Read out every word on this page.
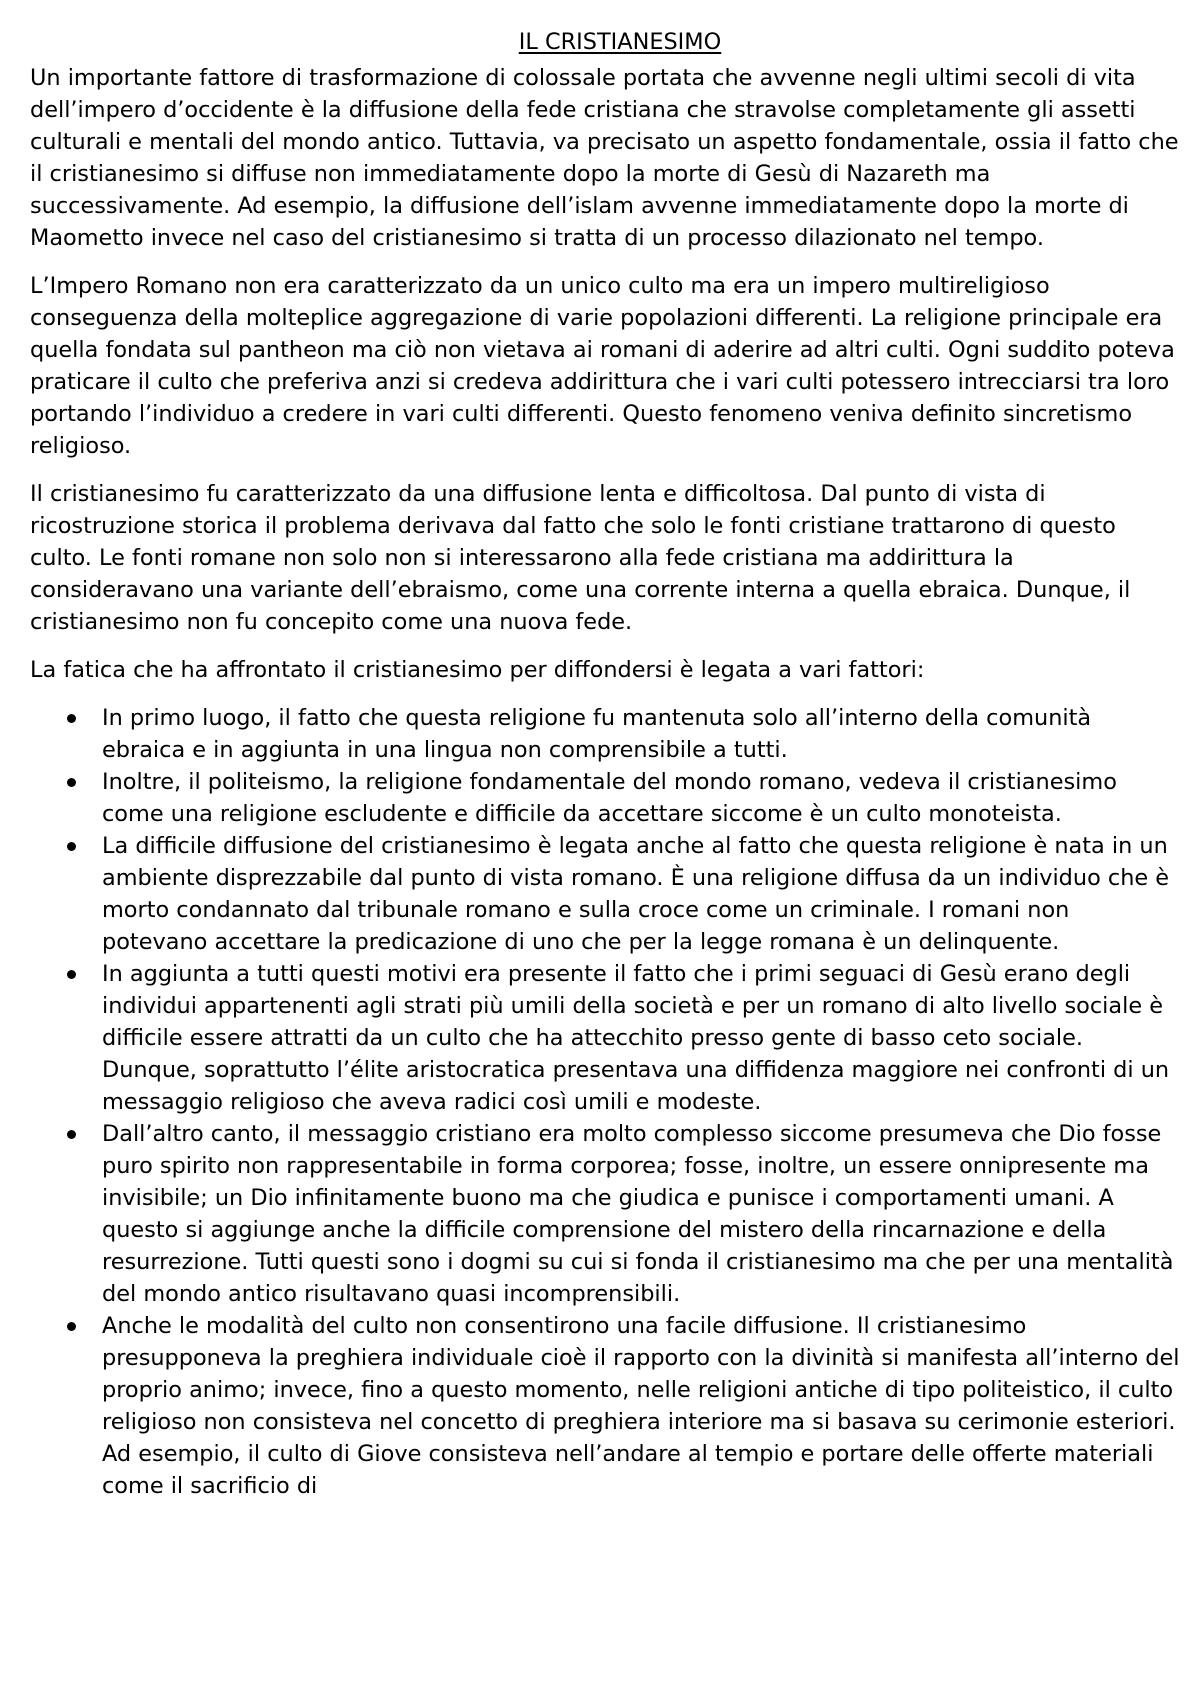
IL CRISTIANESIMO

Un importante fattore di trasformazione di colossale portata che avvenne negli ultimi secoli di vita dell’impero d’occidente è la diffusione della fede cristiana che stravolse completamente gli assetti culturali e mentali del mondo antico. Tuttavia, va precisato un aspetto fondamentale, ossia il fatto che il cristianesimo si diffuse non immediatamente dopo la morte di Gesù di Nazareth ma successivamente. Ad esempio, la diffusione dell’islam avvenne immediatamente dopo la morte di Maometto invece nel caso del cristianesimo si tratta di un processo dilazionato nel tempo.

L’Impero Romano non era caratterizzato da un unico culto ma era un impero multireligioso conseguenza della molteplice aggregazione di varie popolazioni differenti. La religione principale era quella fondata sul pantheon ma ciò non vietava ai romani di aderire ad altri culti. Ogni suddito poteva praticare il culto che preferiva anzi si credeva addirittura che i vari culti potessero intrecciarsi tra loro portando l’individuo a credere in vari culti differenti. Questo fenomeno veniva definito sincretismo religioso.

Il cristianesimo fu caratterizzato da una diffusione lenta e difficoltosa. Dal punto di vista di ricostruzione storica il problema derivava dal fatto che solo le fonti cristiane trattarono di questo culto. Le fonti romane non solo non si interessarono alla fede cristiana ma addirittura la consideravano una variante dell’ebraismo, come una corrente interna a quella ebraica. Dunque, il cristianesimo non fu concepito come una nuova fede.

La fatica che ha affrontato il cristianesimo per diffondersi è legata a vari fattori:

In primo luogo, il fatto che questa religione fu mantenuta solo all’interno della comunità ebraica e in aggiunta in una lingua non comprensibile a tutti.
Inoltre, il politeismo, la religione fondamentale del mondo romano, vedeva il cristianesimo come una religione escludente e difficile da accettare siccome è un culto monoteista.
La difficile diffusione del cristianesimo è legata anche al fatto che questa religione è nata in un ambiente disprezzabile dal punto di vista romano. È una religione diffusa da un individuo che è morto condannato dal tribunale romano e sulla croce come un criminale. I romani non potevano accettare la predicazione di uno che per la legge romana è un delinquente.
In aggiunta a tutti questi motivi era presente il fatto che i primi seguaci di Gesù erano degli individui appartenenti agli strati più umili della società e per un romano di alto livello sociale è difficile essere attratti da un culto che ha attecchito presso gente di basso ceto sociale. Dunque, soprattutto l’élite aristocratica presentava una diffidenza maggiore nei confronti di un messaggio religioso che aveva radici così umili e modeste.
Dall’altro canto, il messaggio cristiano era molto complesso siccome presumeva che Dio fosse puro spirito non rappresentabile in forma corporea; fosse, inoltre, un essere onnipresente ma invisibile; un Dio infinitamente buono ma che giudica e punisce i comportamenti umani. A questo si aggiunge anche la difficile comprensione del mistero della rincarnazione e della resurrezione. Tutti questi sono i dogmi su cui si fonda il cristianesimo ma che per una mentalità del mondo antico risultavano quasi incomprensibili.
Anche le modalità del culto non consentirono una facile diffusione. Il cristianesimo presupponeva la preghiera individuale cioè il rapporto con la divinità si manifesta all’interno del proprio animo; invece, fino a questo momento, nelle religioni antiche di tipo politeistico, il culto religioso non consisteva nel concetto di preghiera interiore ma si basava su cerimonie esteriori. Ad esempio, il culto di Giove consisteva nell’andare al tempio e portare delle offerte materiali come il sacrificio di
